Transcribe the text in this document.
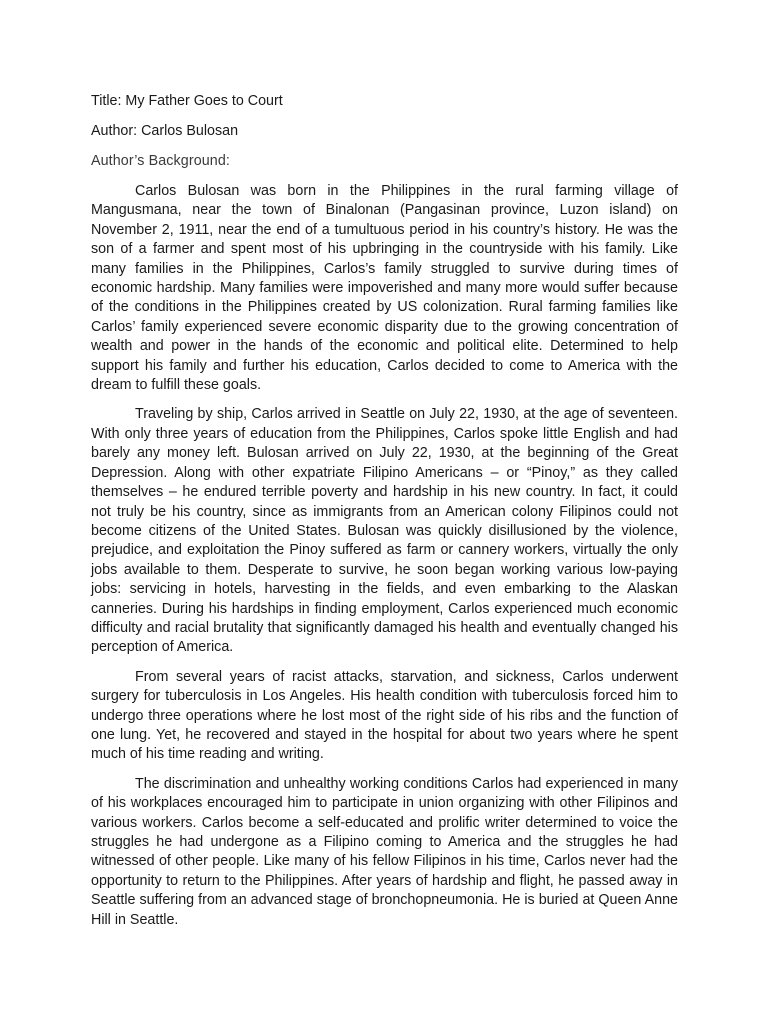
Title: My Father Goes to Court
Author: Carlos Bulosan
Author’s Background:

Carlos Bulosan was born in the Philippines in the rural farming village of Mangusmana, near the town of Binalonan (Pangasinan province, Luzon island) on November 2, 1911, near the end of a tumultuous period in his country’s history. He was the son of a farmer and spent most of his upbringing in the countryside with his family. Like many families in the Philippines, Carlos’s family struggled to survive during times of economic hardship. Many families were impoverished and many more would suffer because of the conditions in the Philippines created by US colonization. Rural farming families like Carlos’ family experienced severe economic disparity due to the growing concentration of wealth and power in the hands of the economic and political elite. Determined to help support his family and further his education, Carlos decided to come to America with the dream to fulfill these goals.

Traveling by ship, Carlos arrived in Seattle on July 22, 1930, at the age of seventeen. With only three years of education from the Philippines, Carlos spoke little English and had barely any money left. Bulosan arrived on July 22, 1930, at the beginning of the Great Depression. Along with other expatriate Filipino Americans – or “Pinoy,” as they called themselves – he endured terrible poverty and hardship in his new country. In fact, it could not truly be his country, since as immigrants from an American colony Filipinos could not become citizens of the United States. Bulosan was quickly disillusioned by the violence, prejudice, and exploitation the Pinoy suffered as farm or cannery workers, virtually the only jobs available to them. Desperate to survive, he soon began working various low-paying jobs: servicing in hotels, harvesting in the fields, and even embarking to the Alaskan canneries. During his hardships in finding employment, Carlos experienced much economic difficulty and racial brutality that significantly damaged his health and eventually changed his perception of America.

From several years of racist attacks, starvation, and sickness, Carlos underwent surgery for tuberculosis in Los Angeles. His health condition with tuberculosis forced him to undergo three operations where he lost most of the right side of his ribs and the function of one lung. Yet, he recovered and stayed in the hospital for about two years where he spent much of his time reading and writing.

The discrimination and unhealthy working conditions Carlos had experienced in many of his workplaces encouraged him to participate in union organizing with other Filipinos and various workers. Carlos become a self-educated and prolific writer determined to voice the struggles he had undergone as a Filipino coming to America and the struggles he had witnessed of other people. Like many of his fellow Filipinos in his time, Carlos never had the opportunity to return to the Philippines. After years of hardship and flight, he passed away in Seattle suffering from an advanced stage of bronchopneumonia. He is buried at Queen Anne Hill in Seattle.
